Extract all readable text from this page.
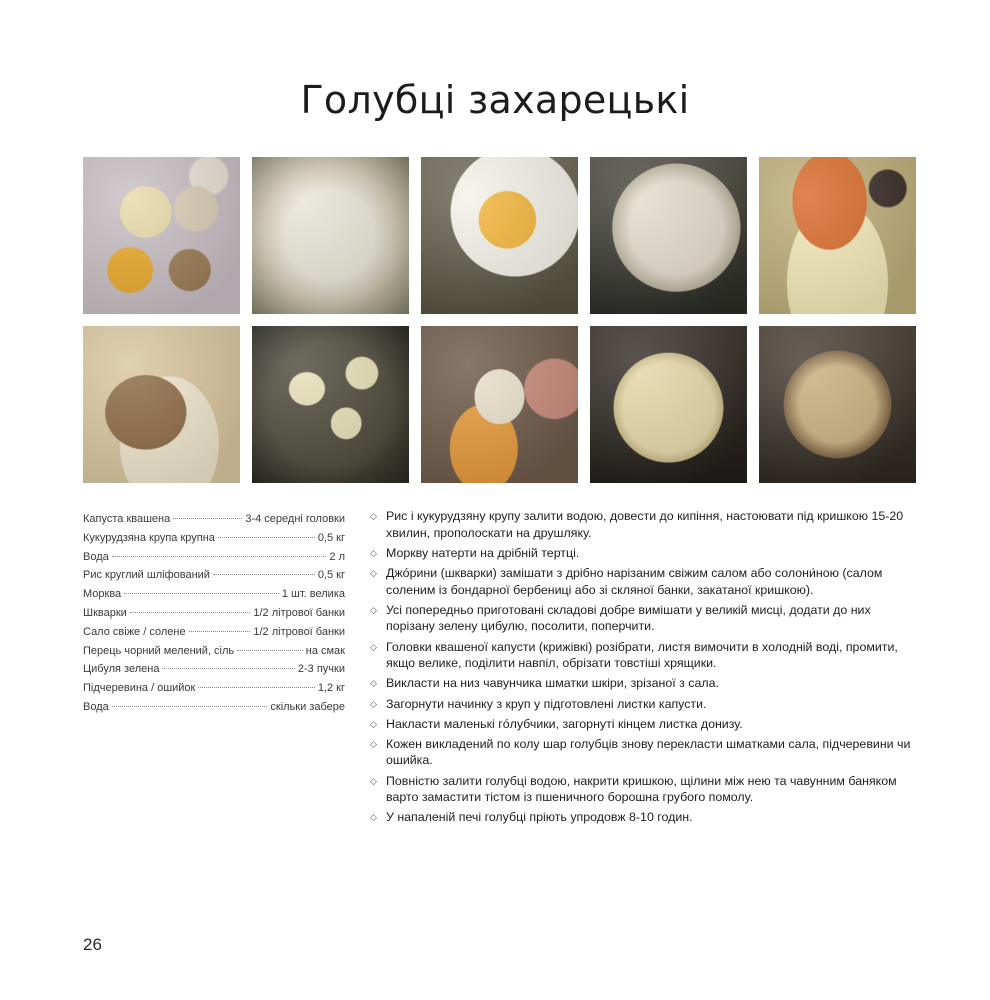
Голубці захарецькі
Капуста квашена	3-4 середні головки
Кукурудзяна крупа крупна	0,5 кг
Вода	2 л
Рис круглий шліфований	0,5 кг
Морква	1 шт. велика
Шкварки	1/2 літрової банки
Сало свіже / солене	1/2 літрової банки
Перець чорний мелений, сіль	на смак
Цибуля зелена	2-3 пучки
Підчеревина / ошийок	1,2 кг
Вода	скільки забере
◇ Рис і кукурудзяну крупу залити водою, довести до кипіння, настоювати під кришкою 15-20 хвилин, прополоскати на друшляку.
◇ Моркву натерти на дрібній тертці.
◇ Джóрини (шкварки) замішати з дрібно нарізаним свіжим салом або солони́ною (салом соленим із бондарної бербениці або зі скляної банки, закатаної кришкою).
◇ Усі попередньо приготовані складові добре вимішати у великій мисці, додати до них порізану зелену цибулю, посолити, поперчити.
◇ Головки квашеної капусти (крижівкі) розібрати, листя вимочити в холодній воді, промити, якщо велике, поділити навпіл, обрізати товстіші хрящики.
◇ Викласти на низ чавунчика шматки шкіри, зрізаної з сала.
◇ Загорнути начинку з круп у підготовлені листки капусти.
◇ Накласти маленькі гóлубчики, загорнуті кінцем листка донизу.
◇ Кожен викладений по колу шар голубців знову перекласти шматками сала, підчеревини чи ошийка.
◇ Повністю залити голубці водою, накрити кришкою, щілини між нею та чавунним баняком варто замастити тістом із пшеничного борошна грубого помолу.
◇ У напаленій печі голубці пріють упродовж 8-10 годин.
26
